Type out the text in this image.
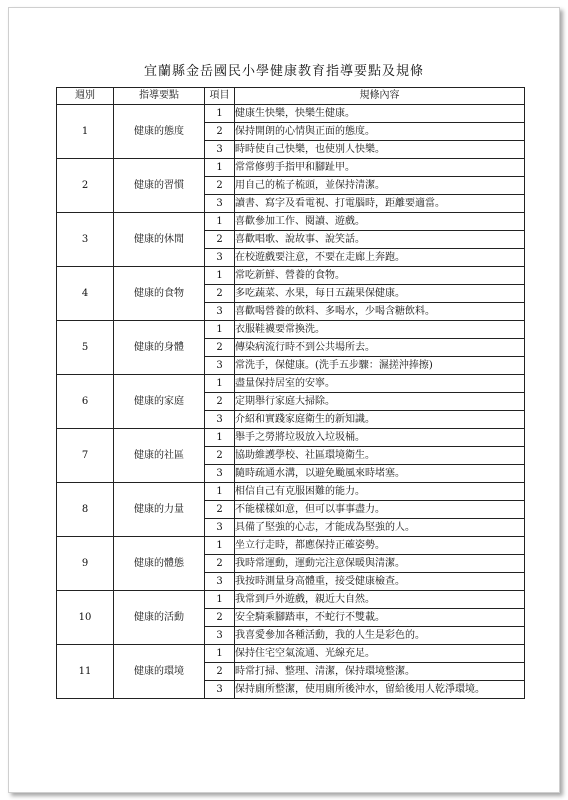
宜蘭縣金岳國民小學健康教育指導要點及規條
週別	指導要點	項目	規條內容
1	健康的態度	1	健康生快樂，快樂生健康。
		2	保持開朗的心情與正面的態度。
		3	時時使自己快樂，也使別人快樂。
2	健康的習慣	1	常常修剪手指甲和腳趾甲。
		2	用自己的梳子梳頭，並保持清潔。
		3	讀書、寫字及看電視、打電腦時，距離要適當。
3	健康的休閒	1	喜歡參加工作、閱讀、遊戲。
		2	喜歡唱歌、說故事、說笑話。
		3	在校遊戲要注意，不要在走廊上奔跑。
4	健康的食物	1	常吃新鮮、營養的食物。
		2	多吃蔬菜、水果，每日五蔬果保健康。
		3	喜歡喝營養的飲料、多喝水，少喝含糖飲料。
5	健康的身體	1	衣服鞋襪要常換洗。
		2	傳染病流行時不到公共場所去。
		3	常洗手，保健康。(洗手五步驟：濕搓沖捧擦)
6	健康的家庭	1	盡量保持居室的安寧。
		2	定期舉行家庭大掃除。
		3	介紹和實踐家庭衛生的新知識。
7	健康的社區	1	舉手之勞將垃圾放入垃圾桶。
		2	協助維護學校、社區環境衛生。
		3	隨時疏通水溝，以避免颱風來時堵塞。
8	健康的力量	1	相信自己有克服困難的能力。
		2	不能樣樣如意，但可以事事盡力。
		3	具備了堅強的心志，才能成為堅強的人。
9	健康的體態	1	坐立行走時，都應保持正確姿勢。
		2	我時常運動，運動完注意保暖與清潔。
		3	我按時測量身高體重，接受健康檢查。
10	健康的活動	1	我常到戶外遊戲，親近大自然。
		2	安全騎乘腳踏車，不蛇行不雙載。
		3	我喜愛參加各種活動，我的人生是彩色的。
11	健康的環境	1	保持住宅空氣流通、光線充足。
		2	時常打掃、整理、清潔，保持環境整潔。
		3	保持廁所整潔，使用廁所後沖水，留給後用人乾淨環境。
